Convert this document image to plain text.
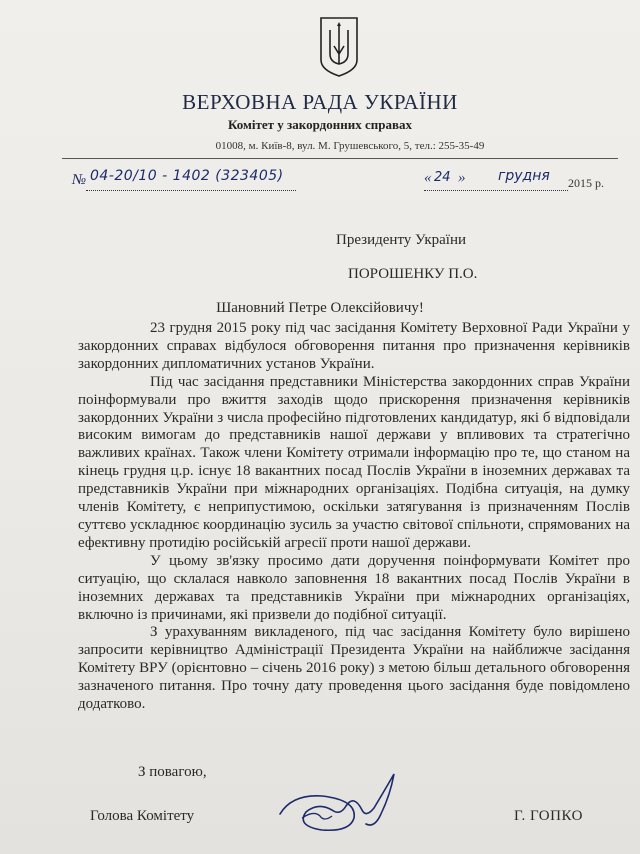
ВЕРХОВНА РАДА УКРАЇНИ
Комітет у закордонних справах
01008, м. Київ-8, вул. М. Грушевського, 5, тел.: 255-35-49
№ 04-20/10 - 1402 (323405)	« 24 » грудня 2015 р.
Президенту України
ПОРОШЕНКУ П.О.
Шановний Петре Олексійовичу!

23 грудня 2015 року під час засідання Комітету Верховної Ради України у закордонних справах відбулося обговорення питання про призначення керівників закордонних дипломатичних установ України.

Під час засідання представники Міністерства закордонних справ України поінформували про вжиття заходів щодо прискорення призначення керівників закордонних України з числа професійно підготовлених кандидатур, які б відповідали високим вимогам до представників нашої держави у впливових та стратегічно важливих країнах. Також члени Комітету отримали інформацію про те, що станом на кінець грудня ц.р. існує 18 вакантних посад Послів України в іноземних державах та представників України при міжнародних організаціях. Подібна ситуація, на думку членів Комітету, є неприпустимою, оскільки затягування із призначенням Послів суттєво ускладнює координацію зусиль за участю світової спільноти, спрямованих на ефективну протидію російській агресії проти нашої держави.

У цьому зв'язку просимо дати доручення поінформувати Комітет про ситуацію, що склалася навколо заповнення 18 вакантних посад Послів України в іноземних державах та представників України при міжнародних організаціях, включно із причинами, які призвели до подібної ситуації.

З урахуванням викладеного, під час засідання Комітету було вирішено запросити керівництво Адміністрації Президента України на найближче засідання Комітету ВРУ (орієнтовно – січень 2016 року) з метою більш детального обговорення зазначеного питання. Про точну дату проведення цього засідання буде повідомлено додатково.

З повагою,
Голова Комітету	Г. ГОПКО
